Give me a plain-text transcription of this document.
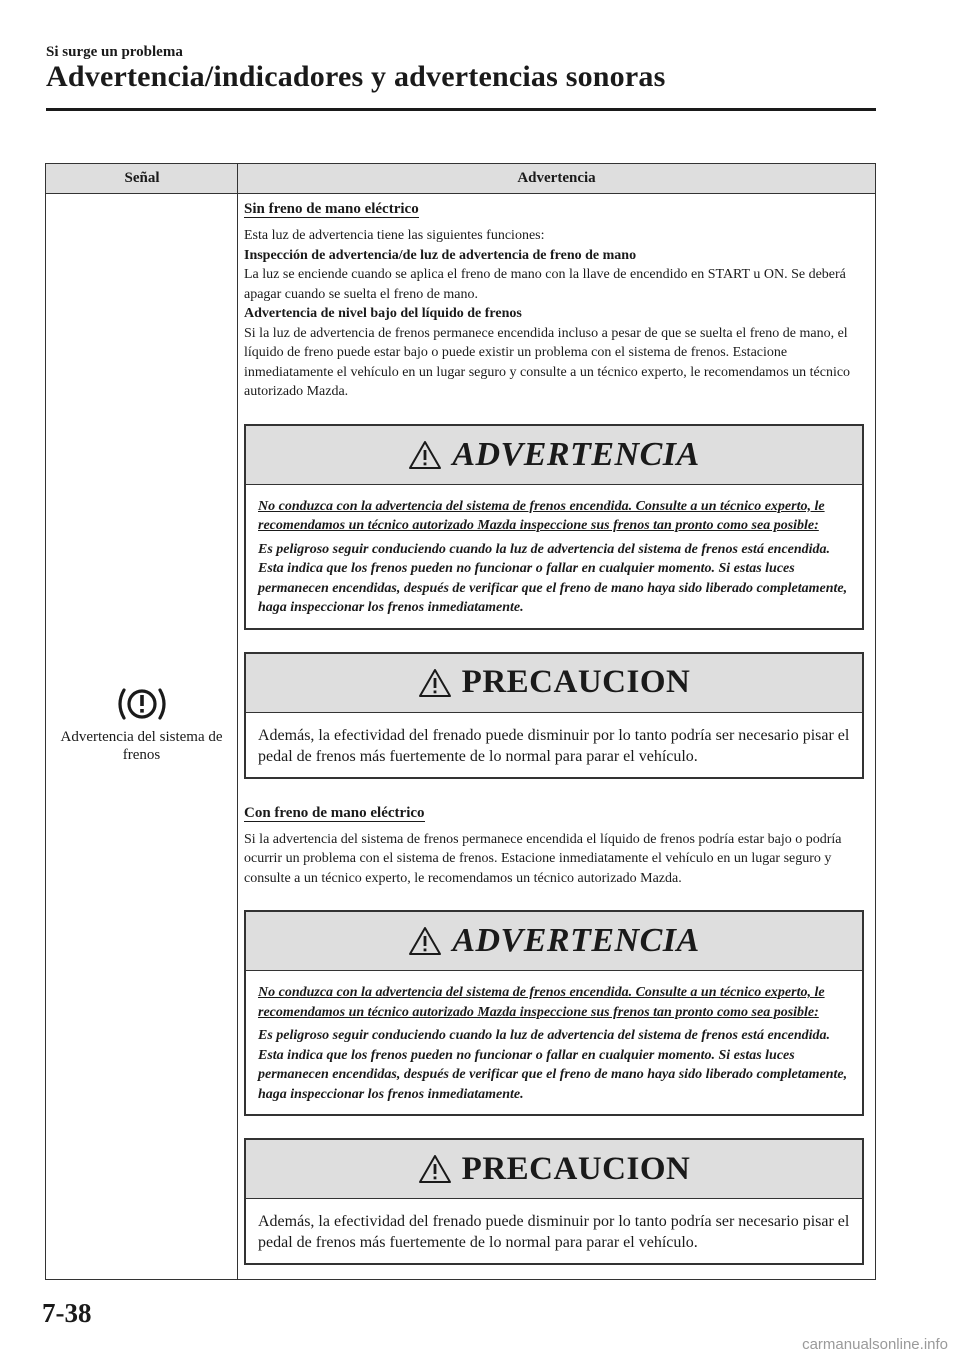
Si surge un problema
Advertencia/indicadores y advertencias sonoras
Señal	Advertencia
Advertencia del sistema de frenos
Sin freno de mano eléctrico
Esta luz de advertencia tiene las siguientes funciones:
Inspección de advertencia/de luz de advertencia de freno de mano
La luz se enciende cuando se aplica el freno de mano con la llave de encendido en START u ON. Se deberá apagar cuando se suelta el freno de mano.
Advertencia de nivel bajo del líquido de frenos
Si la luz de advertencia de frenos permanece encendida incluso a pesar de que se suelta el freno de mano, el líquido de freno puede estar bajo o puede existir un problema con el sistema de frenos. Estacione inmediatamente el vehículo en un lugar seguro y consulte a un técnico experto, le recomendamos un técnico autorizado Mazda.
ADVERTENCIA
No conduzca con la advertencia del sistema de frenos encendida. Consulte a un técnico experto, le recomendamos un técnico autorizado Mazda inspeccione sus frenos tan pronto como sea posible:
Es peligroso seguir conduciendo cuando la luz de advertencia del sistema de frenos está encendida. Esta indica que los frenos pueden no funcionar o fallar en cualquier momento. Si estas luces permanecen encendidas, después de verificar que el freno de mano haya sido liberado completamente, haga inspeccionar los frenos inmediatamente.
PRECAUCION
Además, la efectividad del frenado puede disminuir por lo tanto podría ser necesario pisar el pedal de frenos más fuertemente de lo normal para parar el vehículo.
Con freno de mano eléctrico
Si la advertencia del sistema de frenos permanece encendida el líquido de frenos podría estar bajo o podría ocurrir un problema con el sistema de frenos. Estacione inmediatamente el vehículo en un lugar seguro y consulte a un técnico experto, le recomendamos un técnico autorizado Mazda.
ADVERTENCIA
No conduzca con la advertencia del sistema de frenos encendida. Consulte a un técnico experto, le recomendamos un técnico autorizado Mazda inspeccione sus frenos tan pronto como sea posible:
Es peligroso seguir conduciendo cuando la luz de advertencia del sistema de frenos está encendida. Esta indica que los frenos pueden no funcionar o fallar en cualquier momento. Si estas luces permanecen encendidas, después de verificar que el freno de mano haya sido liberado completamente, haga inspeccionar los frenos inmediatamente.
PRECAUCION
Además, la efectividad del frenado puede disminuir por lo tanto podría ser necesario pisar el pedal de frenos más fuertemente de lo normal para parar el vehículo.
7-38
carmanualsonline.info
